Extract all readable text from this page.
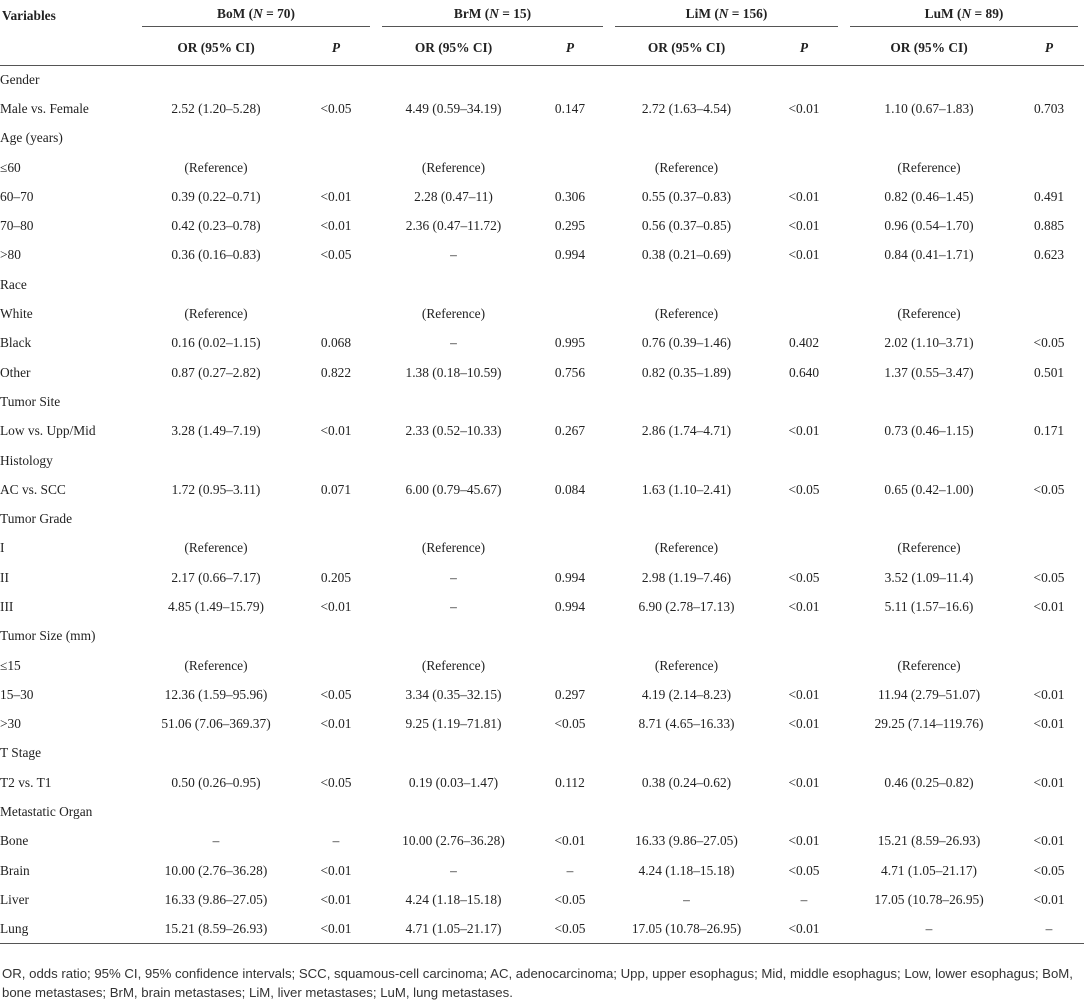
Variables	BoM (N = 70)		BrM (N = 15)		LiM (N = 156)		LuM (N = 89)	

	OR (95% CI)	P	OR (95% CI)	P	OR (95% CI)	P	OR (95% CI)	P
Gender								
Male vs. Female	2.52 (1.20–5.28)	<0.05	4.49 (0.59–34.19)	0.147	2.72 (1.63–4.54)	<0.01	1.10 (0.67–1.83)	0.703
Age (years)								
≤60	(Reference)		(Reference)		(Reference)		(Reference)	
60–70	0.39 (0.22–0.71)	<0.01	2.28 (0.47–11)	0.306	0.55 (0.37–0.83)	<0.01	0.82 (0.46–1.45)	0.491
70–80	0.42 (0.23–0.78)	<0.01	2.36 (0.47–11.72)	0.295	0.56 (0.37–0.85)	<0.01	0.96 (0.54–1.70)	0.885
>80	0.36 (0.16–0.83)	<0.05	–	0.994	0.38 (0.21–0.69)	<0.01	0.84 (0.41–1.71)	0.623
Race								
White	(Reference)		(Reference)		(Reference)		(Reference)	
Black	0.16 (0.02–1.15)	0.068	–	0.995	0.76 (0.39–1.46)	0.402	2.02 (1.10–3.71)	<0.05
Other	0.87 (0.27–2.82)	0.822	1.38 (0.18–10.59)	0.756	0.82 (0.35–1.89)	0.640	1.37 (0.55–3.47)	0.501
Tumor Site								
Low vs. Upp/Mid	3.28 (1.49–7.19)	<0.01	2.33 (0.52–10.33)	0.267	2.86 (1.74–4.71)	<0.01	0.73 (0.46–1.15)	0.171
Histology								
AC vs. SCC	1.72 (0.95–3.11)	0.071	6.00 (0.79–45.67)	0.084	1.63 (1.10–2.41)	<0.05	0.65 (0.42–1.00)	<0.05
Tumor Grade								
I	(Reference)		(Reference)		(Reference)		(Reference)	
II	2.17 (0.66–7.17)	0.205	–	0.994	2.98 (1.19–7.46)	<0.05	3.52 (1.09–11.4)	<0.05
III	4.85 (1.49–15.79)	<0.01	–	0.994	6.90 (2.78–17.13)	<0.01	5.11 (1.57–16.6)	<0.01
Tumor Size (mm)								
≤15	(Reference)		(Reference)		(Reference)		(Reference)	
15–30	12.36 (1.59–95.96)	<0.05	3.34 (0.35–32.15)	0.297	4.19 (2.14–8.23)	<0.01	11.94 (2.79–51.07)	<0.01
>30	51.06 (7.06–369.37)	<0.01	9.25 (1.19–71.81)	<0.05	8.71 (4.65–16.33)	<0.01	29.25 (7.14–119.76)	<0.01
T Stage								
T2 vs. T1	0.50 (0.26–0.95)	<0.05	0.19 (0.03–1.47)	0.112	0.38 (0.24–0.62)	<0.01	0.46 (0.25–0.82)	<0.01
Metastatic Organ								
Bone	–	–	10.00 (2.76–36.28)	<0.01	16.33 (9.86–27.05)	<0.01	15.21 (8.59–26.93)	<0.01
Brain	10.00 (2.76–36.28)	<0.01	–	–	4.24 (1.18–15.18)	<0.05	4.71 (1.05–21.17)	<0.05
Liver	16.33 (9.86–27.05)	<0.01	4.24 (1.18–15.18)	<0.05	–	–	17.05 (10.78–26.95)	<0.01
Lung	15.21 (8.59–26.93)	<0.01	4.71 (1.05–21.17)	<0.05	17.05 (10.78–26.95)	<0.01	–	–
OR, odds ratio; 95% CI, 95% confidence intervals; SCC, squamous-cell carcinoma; AC, adenocarcinoma; Upp, upper esophagus; Mid, middle esophagus; Low, lower esophagus; BoM, bone metastases; BrM, brain metastases; LiM, liver metastases; LuM, lung metastases.
